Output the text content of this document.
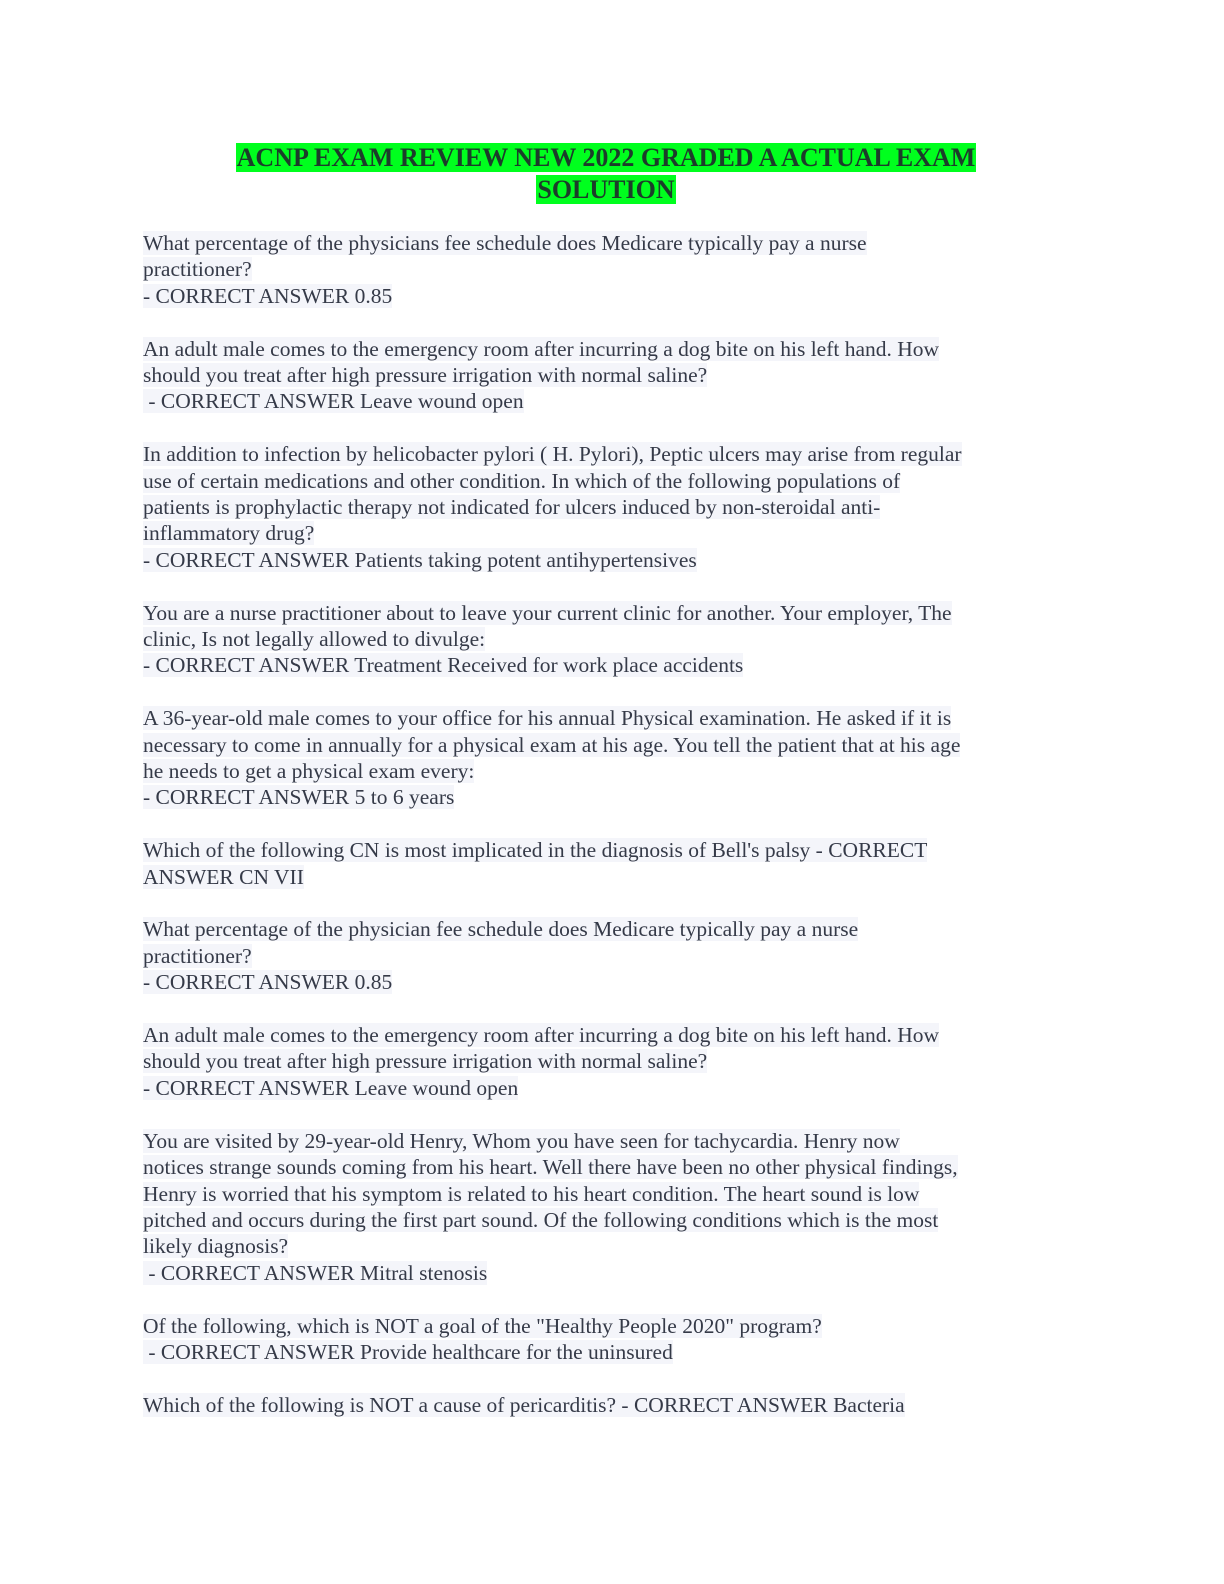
ACNP EXAM REVIEW NEW 2022 GRADED A ACTUAL EXAM
SOLUTION
What percentage of the physicians fee schedule does Medicare typically pay a nurse
practitioner?
- CORRECT ANSWER 0.85
An adult male comes to the emergency room after incurring a dog bite on his left hand. How
should you treat after high pressure irrigation with normal saline?
- CORRECT ANSWER Leave wound open
In addition to infection by helicobacter pylori ( H. Pylori), Peptic ulcers may arise from regular
use of certain medications and other condition. In which of the following populations of
patients is prophylactic therapy not indicated for ulcers induced by non-steroidal anti-
inflammatory drug?
- CORRECT ANSWER Patients taking potent antihypertensives
You are a nurse practitioner about to leave your current clinic for another. Your employer, The
clinic, Is not legally allowed to divulge:
- CORRECT ANSWER Treatment Received for work place accidents
A 36-year-old male comes to your office for his annual Physical examination. He asked if it is
necessary to come in annually for a physical exam at his age. You tell the patient that at his age
he needs to get a physical exam every:
- CORRECT ANSWER 5 to 6 years
Which of the following CN is most implicated in the diagnosis of Bell's palsy - CORRECT
ANSWER CN VII
What percentage of the physician fee schedule does Medicare typically pay a nurse
practitioner?
- CORRECT ANSWER 0.85
An adult male comes to the emergency room after incurring a dog bite on his left hand. How
should you treat after high pressure irrigation with normal saline?
- CORRECT ANSWER Leave wound open
You are visited by 29-year-old Henry, Whom you have seen for tachycardia. Henry now
notices strange sounds coming from his heart. Well there have been no other physical findings,
Henry is worried that his symptom is related to his heart condition. The heart sound is low
pitched and occurs during the first part sound. Of the following conditions which is the most
likely diagnosis?
- CORRECT ANSWER Mitral stenosis
Of the following, which is NOT a goal of the "Healthy People 2020" program?
- CORRECT ANSWER Provide healthcare for the uninsured
Which of the following is NOT a cause of pericarditis? - CORRECT ANSWER Bacteria
